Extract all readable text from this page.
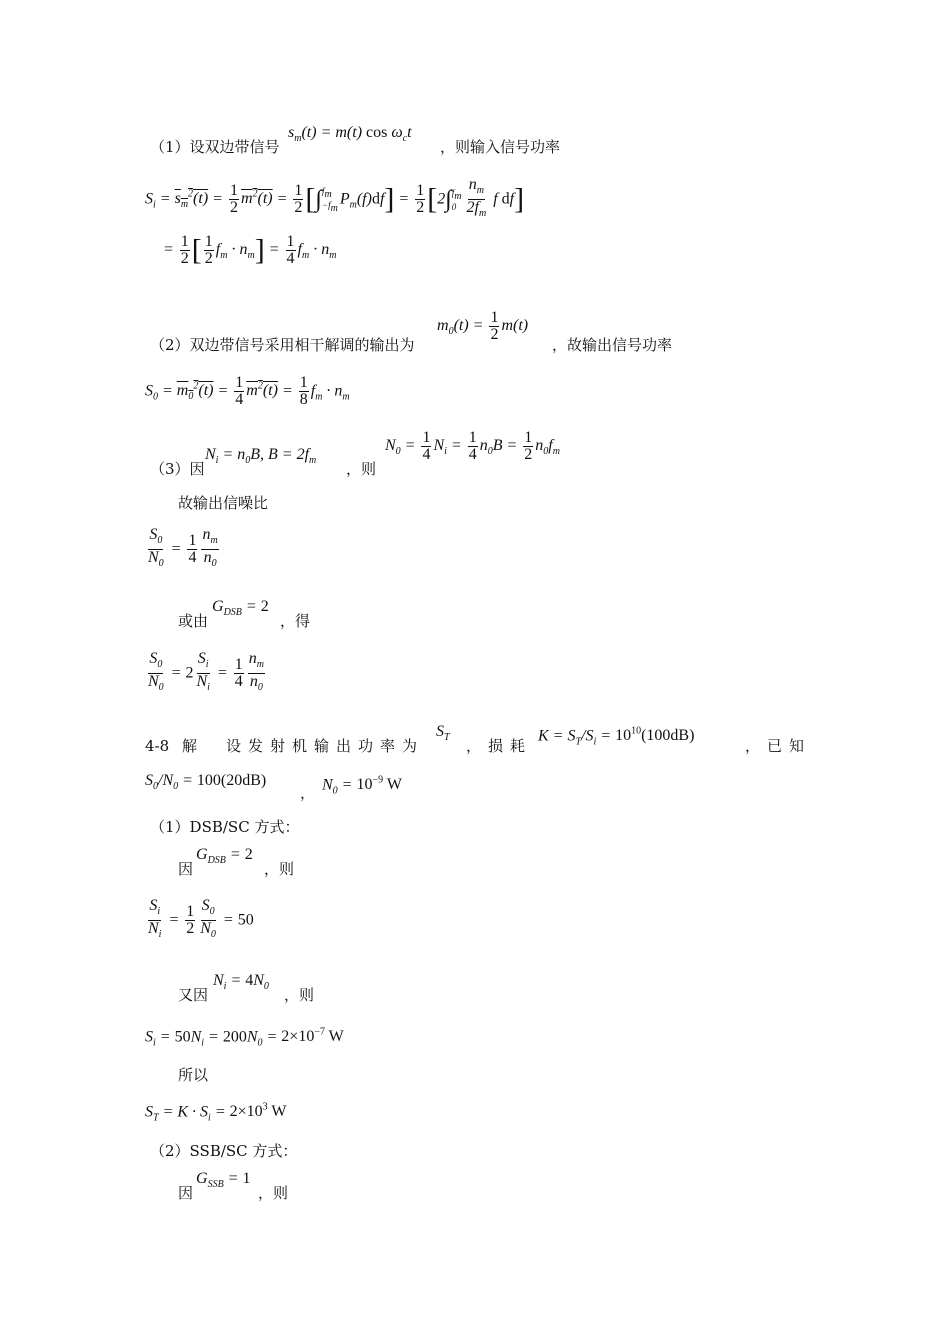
（1）设双边带信号
$s_m(t) = m(t)$ $\cos \omega_ct$
，则输入信号功率
$S_i = s_m^2(t) = \frac{1}{2} m^2(t) = \frac{1}{2}$ [∫ $f_m$
$-f_m$
$P_m(f)df] = \frac{1}{2} [2\int$ $f_m$
$0 \frac{n_m}{2f_m}$ f df]
= $\frac{1}{2}$ [ $\frac{1}{2} f_m \cdot n_m] = \frac{1}{4} f_m \cdot n_m$
$m_0(t) = \frac{1}{2} m(t)$
（2）双边带信号采用相干解调的输出为	，故输出信号功率
$S_0 = m_0^2(t) = \frac{1}{4} m^2(t) = \frac{1}{8} f_m \cdot n_m$
（3）因
$N_i = n_0B$, $B = 2f_m$ ，则
$N_0 = \frac{1}{4} N_i = \frac{1}{4} n_0B = \frac{1}{2} n_0f_m$
故输出信噪比
$\frac{S_0}{N_0} = \frac{1}{4} \frac{n_m}{n_0}$
或由
$G_{DSB} = 2$
，得
$\frac{S_0}{N_0} = 2 \frac{S_i}{N_i} = \frac{1}{4} \frac{n_m}{n_0}$
4-8 解　设发射机输出功率为
$S_T$ ，损耗
$K = S_T/S_i = 10^{10}(100dB)$
，已知
$S_0/N_0 = 100(20dB)$
， $N_0 = 10^{-9}$ W
（1）DSB/SC 方式：
因
$G_{DSB} = 2$
，则
$\frac{S_i}{N_i} = \frac{1}{2} \frac{S_0}{N_0} = 50$
又因
$N_i = 4N_0$ ，则
$S_i = 50N_i = 200N_0 = 2\times 10^{-7}$ W
所以
$S_T = K \cdot S_i = 2\times 10^3$ W
（2）SSB/SC 方式：
因
$G_{SSB} = 1$
，则
